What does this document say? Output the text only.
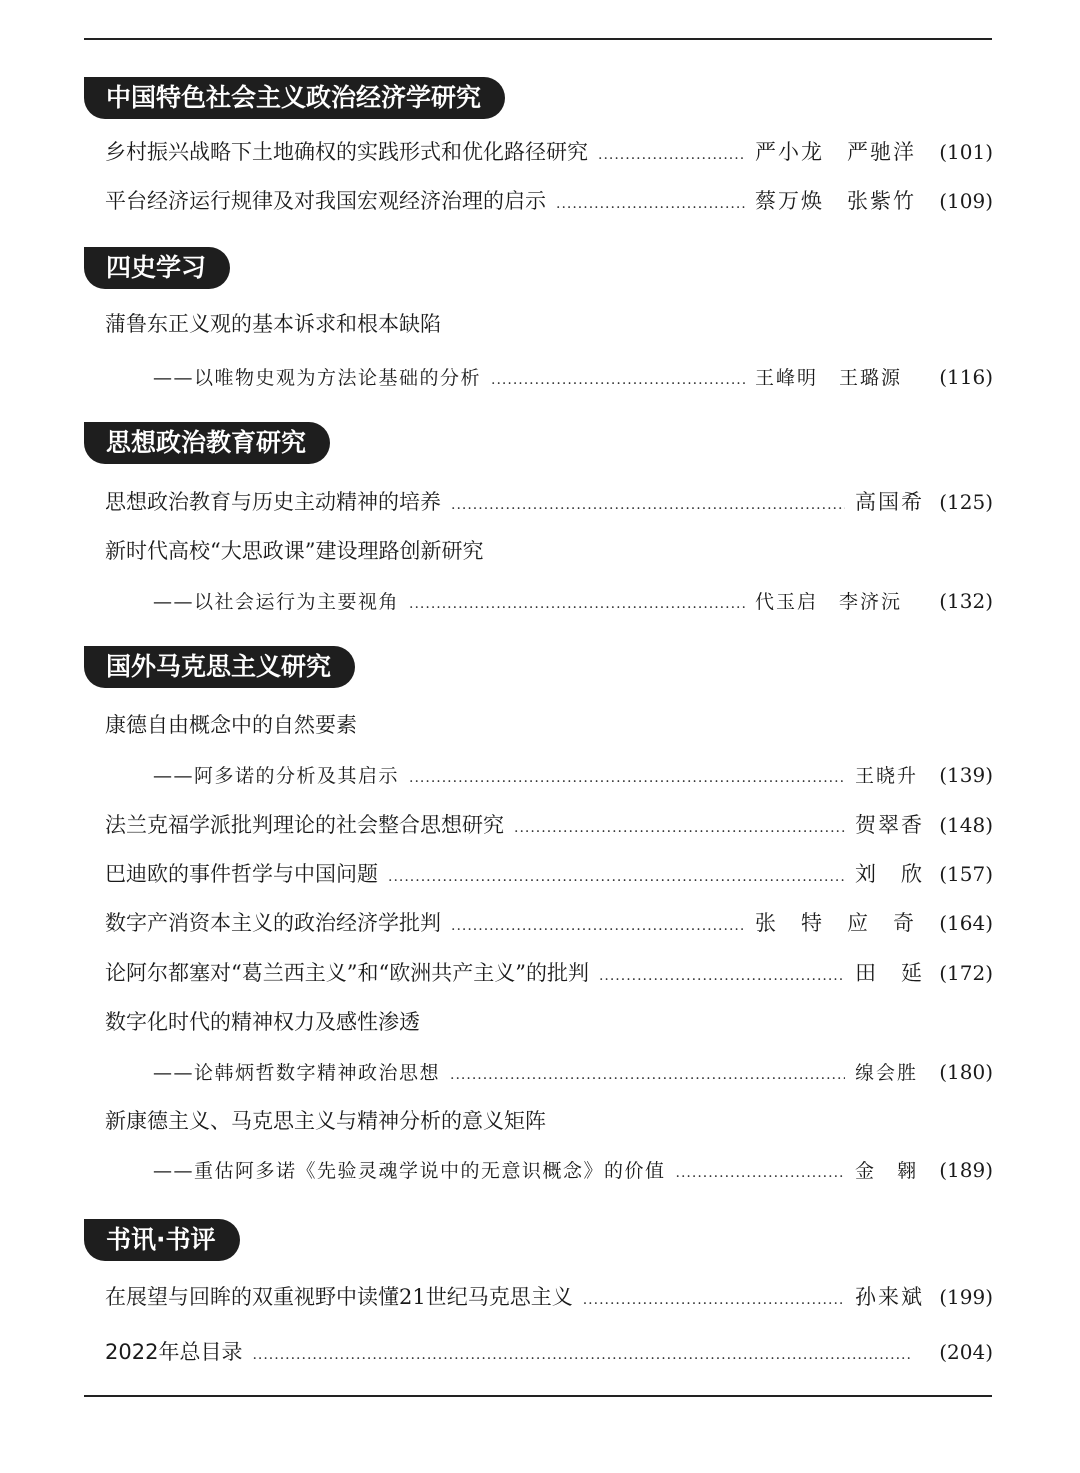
中国特色社会主义政治经济学研究
乡村振兴战略下土地确权的实践形式和优化路径研究 .....	严小龙　严驰洋	(101)
平台经济运行规律及对我国宏观经济治理的启示 .....	蔡万焕　张紫竹	(109)
四史学习
蒲鲁东正义观的基本诉求和根本缺陷
——以唯物史观为方法论基础的分析 .....	王峰明　王璐源	(116)
思想政治教育研究
思想政治教育与历史主动精神的培养 .....	高国希 (125)
新时代高校“大思政课”建设理路创新研究
——以社会运行为主要视角 .....	代玉启　李济沅	(132)
国外马克思主义研究
康德自由概念中的自然要素
——阿多诺的分析及其启示 .....	王晓升	(139)
法兰克福学派批判理论的社会整合思想研究 .....	贺翠香 (148)
巴迪欧的事件哲学与中国问题 .....	刘　欣 (157)
数字产消资本主义的政治经济学批判 .....	张　特　应　奇	(164)
论阿尔都塞对“葛兰西主义”和“欧洲共产主义”的批判 .....	田　延 (172)
数字化时代的精神权力及感性渗透
——论韩炳哲数字精神政治思想 .....	缐会胜	(180)
新康德主义、马克思主义与精神分析的意义矩阵
——重估阿多诺《先验灵魂学说中的无意识概念》的价值 .....	金　翱	(189)
书讯·书评
在展望与回眸的双重视野中读懂21世纪马克思主义 .....	孙来斌 (199)
2022年总目录 .....	(204)
